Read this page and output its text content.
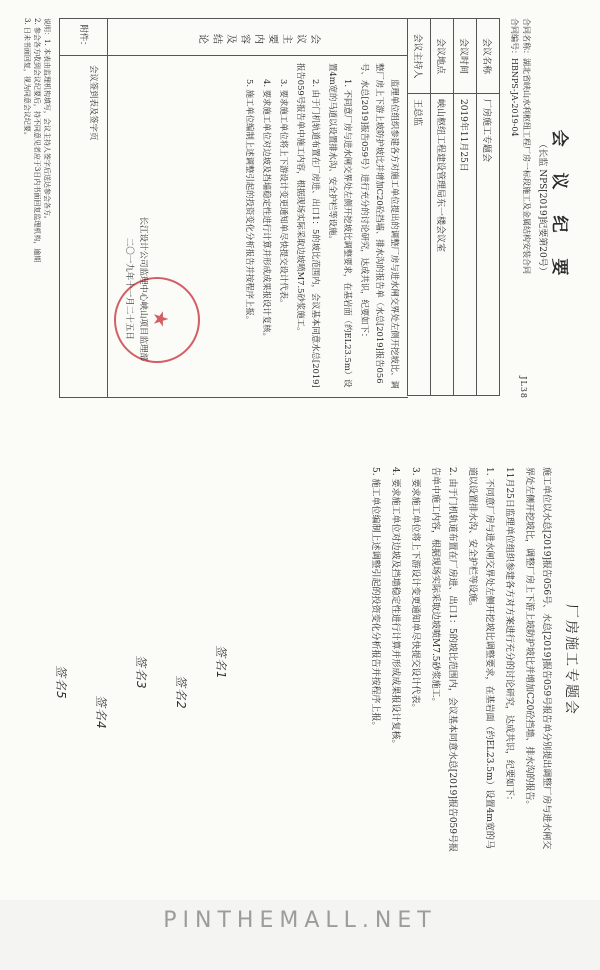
JL38
会 议 纪 要
（长监 NPS[2019]纪要第20号）
合同名称：湖北省峡山水利枢纽工程厂房一标段施工及金属结构安装合同
合同编号：HBNPS-JA-2019-04
会议名称	厂房施工专题会
会议时间	2019年11月25日
会议地点	峡山枢纽工程建设管理局东一楼会议室
会议主持人	王总监
会议主要内容及结论

监理单位组织参建各方对施工单位提出的调整厂房与进水闸交界处左侧开挖坡比、调整厂房上下游上坡防护坡比并增加C20砼挡墙、排水沟的报告单（水总[2019]报告056号、水总[2019]报告059号）进行充分的讨论研究，达成共识，纪要如下：

1. 不同意厂房与进水闸交界处左侧开挖坡比调整要求，在基岩面（约EL23.5m）设置4m宽的马道以设置排水沟、安全护栏等设施。

2. 由于门机轨道布置在厂房进、出口1：5的坡比范围内，会议基本同意水总[2019]报告059号报告单中施工内容，根据现场实际采取边坡喷M7.5砂浆施工。

3. 要求施工单位将上下游设计变更通知单尽快提交设计代表。

4. 要求施工单位对边坡及挡墙稳定性进行计算并形成成果报设计复核。

5. 施工单位编制上述调整引起的投资变化分析报告并按程序上报。

★
长江设计公司监理中心峡山项目监理部
二〇一九年十一月二十五日
附件：
会议签到表及签字页
说明：1. 本表由监理机构填写，会议主持人签字后送达参会各方。
2. 参会各方收到会议纪要后，持不同意见者应于3日内书面回复监理机构，逾期
3. 日未书面回复，视为同意会议纪要。
厂房施工专题会

施工单位以水总[2019]报告056号、水总[2019]报告059号报告单分别提出调整厂房与进水闸交界处左侧开挖坡比，调整厂房上下游上坡防护坡比并增加C20砼挡墙、排水沟的报告。

11月25日监理单位组织参建各方对方案进行充分的讨论研究，达成共识，纪要如下：

1. 不同意厂房与进水闸交界处左侧开挖坡比调整要求，在基岩面（约EL23.5m）设置4m宽的马道以设置排水沟、安全护栏等设施。

2. 由于门机轨道布置在厂房进、出口1：5的坡比范围内，会议基本同意水总[2019]报告059号报告单中施工内容，根据现场实际采取边坡喷M7.5砂浆施工。

3. 要求施工单位将上下游设计变更通知单尽快提交设计代表。

4. 要求施工单位对边坡及挡墙稳定性进行计算并形成成果报设计复核。

5. 施工单位编制上述调整引起的投资变化分析报告并按程序上报。

签名1
签名2
签名3
签名4
签名5
PINTHEMALL.NET
